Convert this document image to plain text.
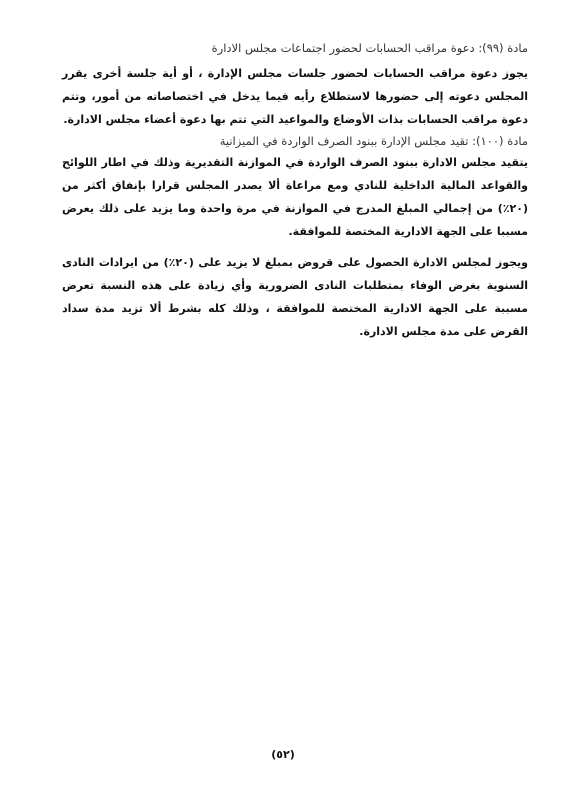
مادة (٩٩): دعوة مراقب الحسابات لحضور اجتماعات مجلس الادارة

يجوز دعوة مراقب الحسابات لحضور جلسات مجلس الإدارة ، أو أية جلسة أخرى يقرر المجلس دعوته إلى حضورها لاستطلاع رأيه فيما يدخل في اختصاصاته من أمور، وتتم دعوة مراقب الحسابات بذات الأوضاع والمواعيد التي تتم بها دعوة أعضاء مجلس الادارة.

مادة (١٠٠): تقيد مجلس الإدارة ببنود الصرف الواردة في الميزانية

يتقيد مجلس الادارة ببنود الصرف الواردة في الموازنة التقديرية وذلك في اطار اللوائح والقواعد المالية الداخلية للنادي ومع مراعاة ألا يصدر المجلس قرارا بإنفاق أكثر من (٢٠٪) من إجمالي المبلغ المدرج في الموازنة في مرة واحدة وما يزيد على ذلك يعرض مسببا على الجهة الادارية المختصة للموافقة.

ويجوز لمجلس الادارة الحصول على قروض بمبلغ لا يزيد على (٢٠٪) من ايرادات النادى السنوية بغرض الوفاء بمتطلبات النادى الضرورية وأي زيادة على هذه النسبة تعرض مسببة على الجهة الادارية المختصة للموافقة ، وذلك كله بشرط ألا تزيد مدة سداد القرض على مدة مجلس الادارة.

(٥٢)
